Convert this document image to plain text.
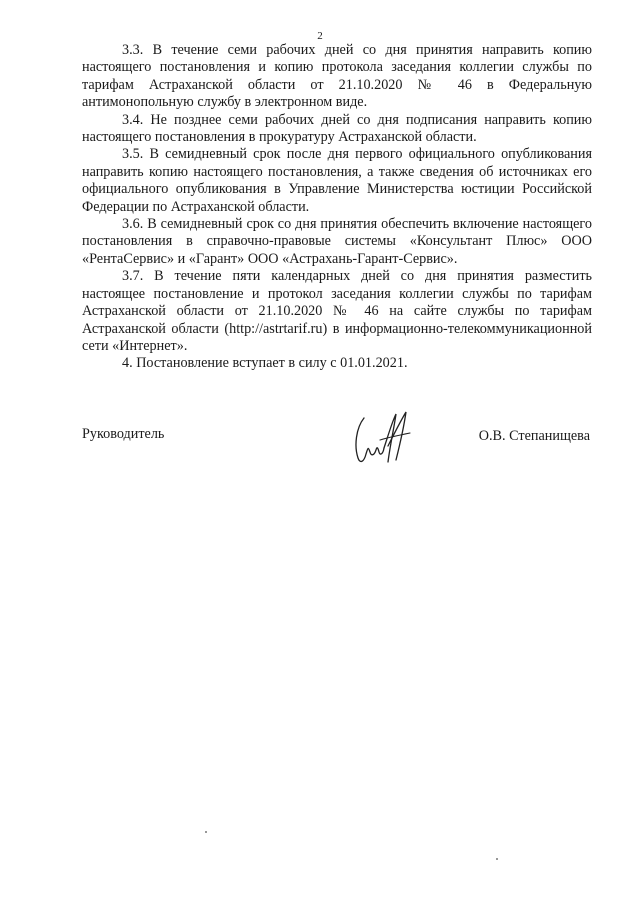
2

3.3. В течение семи рабочих дней со дня принятия направить копию настоящего постановления и копию протокола заседания коллегии службы по тарифам Астраханской области от 21.10.2020 № 46 в Федеральную антимонопольную службу в электронном виде.

3.4. Не позднее семи рабочих дней со дня подписания направить копию настоящего постановления в прокуратуру Астраханской области.

3.5. В семидневный срок после дня первого официального опубликования направить копию настоящего постановления, а также сведения об источниках его официального опубликования в Управление Министерства юстиции Российской Федерации по Астраханской области.

3.6. В семидневный срок со дня принятия обеспечить включение настоящего постановления в справочно-правовые системы «Консультант Плюс» ООО «РентаСервис» и «Гарант» ООО «Астрахань-Гарант-Сервис».

3.7. В течение пяти календарных дней со дня принятия разместить настоящее постановление и протокол заседания коллегии службы по тарифам Астраханской области от 21.10.2020 № 46 на сайте службы по тарифам Астраханской области (http://astrtarif.ru) в информационно-телекоммуникационной сети «Интернет».

4. Постановление вступает в силу с 01.01.2021.

Руководитель	О.В. Степанищева
